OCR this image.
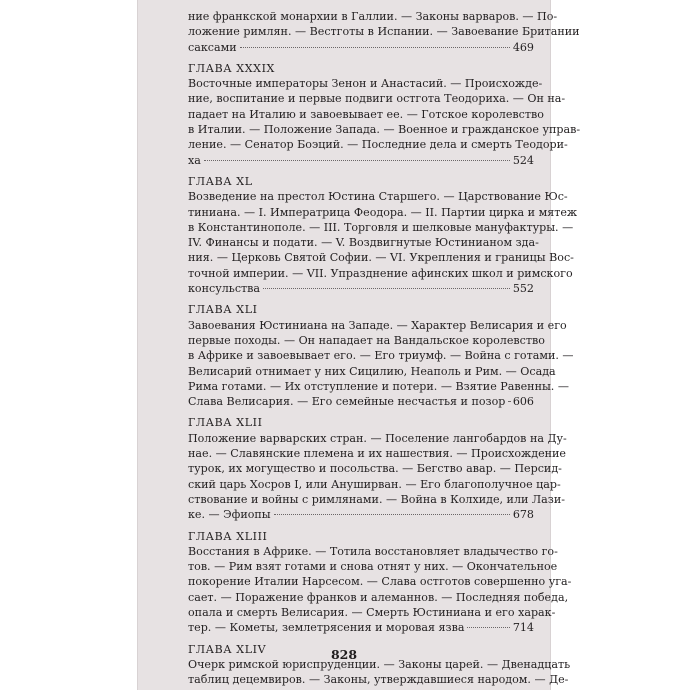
ние франкской монархии в Галлии. — Законы варваров. — По-
ложение римлян. — Вестготы в Испании. — Завоевание Британии
саксами	469
ГЛАВА XXXIX
Восточные императоры Зенон и Анастасий. — Происхожде-
ние, воспитание и первые подвиги остгота Теодориха. — Он на-
падает на Италию и завоевывает ее. — Готское королевство
в Италии. — Положение Запада. — Военное и гражданское управ-
ление. — Сенатор Боэций. — Последние дела и смерть Теодори-
ха	524
ГЛАВА XL
Возведение на престол Юстина Старшего. — Царствование Юс-
тиниана. — I. Императрица Феодора. — II. Партии цирка и мятеж
в Константинополе. — III. Торговля и шелковые мануфактуры. —
IV. Финансы и подати. — V. Воздвигнутые Юстинианом зда-
ния. — Церковь Святой Софии. — VI. Укрепления и границы Вос-
точной империи. — VII. Упразднение афинских школ и римского
консульства	552
ГЛАВА XLI
Завоевания Юстиниана на Западе. — Характер Велисария и его
первые походы. — Он нападает на Вандальское королевство
в Африке и завоевывает его. — Его триумф. — Война с готами. —
Велисарий отнимает у них Сицилию, Неаполь и Рим. — Осада
Рима готами. — Их отступление и потери. — Взятие Равенны. —
Слава Велисария. — Его семейные несчастья и позор 606
ГЛАВА XLII
Положение варварских стран. — Поселение лангобардов на Ду-
нае. — Славянские племена и их нашествия. — Происхождение
турок, их могущество и посольства. — Бегство авар. — Персид-
ский царь Хосров I, или Ануширван. — Его благополучное цар-
ствование и войны с римлянами. — Война в Колхиде, или Лази-
ке. — Эфиопы	678
ГЛАВА XLIII
Восстания в Африке. — Тотила восстановляет владычество го-
тов. — Рим взят готами и снова отнят у них. — Окончательное
покорение Италии Нарсесом. — Слава остготов совершенно уга-
сает. — Поражение франков и алеманнов. — Последняя победа,
опала и смерть Велисария. — Смерть Юстиниана и его харак-
тер. — Кометы, землетрясения и моровая язва	714
ГЛАВА XLIV
Очерк римской юриспруденции. — Законы царей. — Двенадцать
таблиц децемвиров. — Законы, утверждавшиеся народом. — Де-
828
